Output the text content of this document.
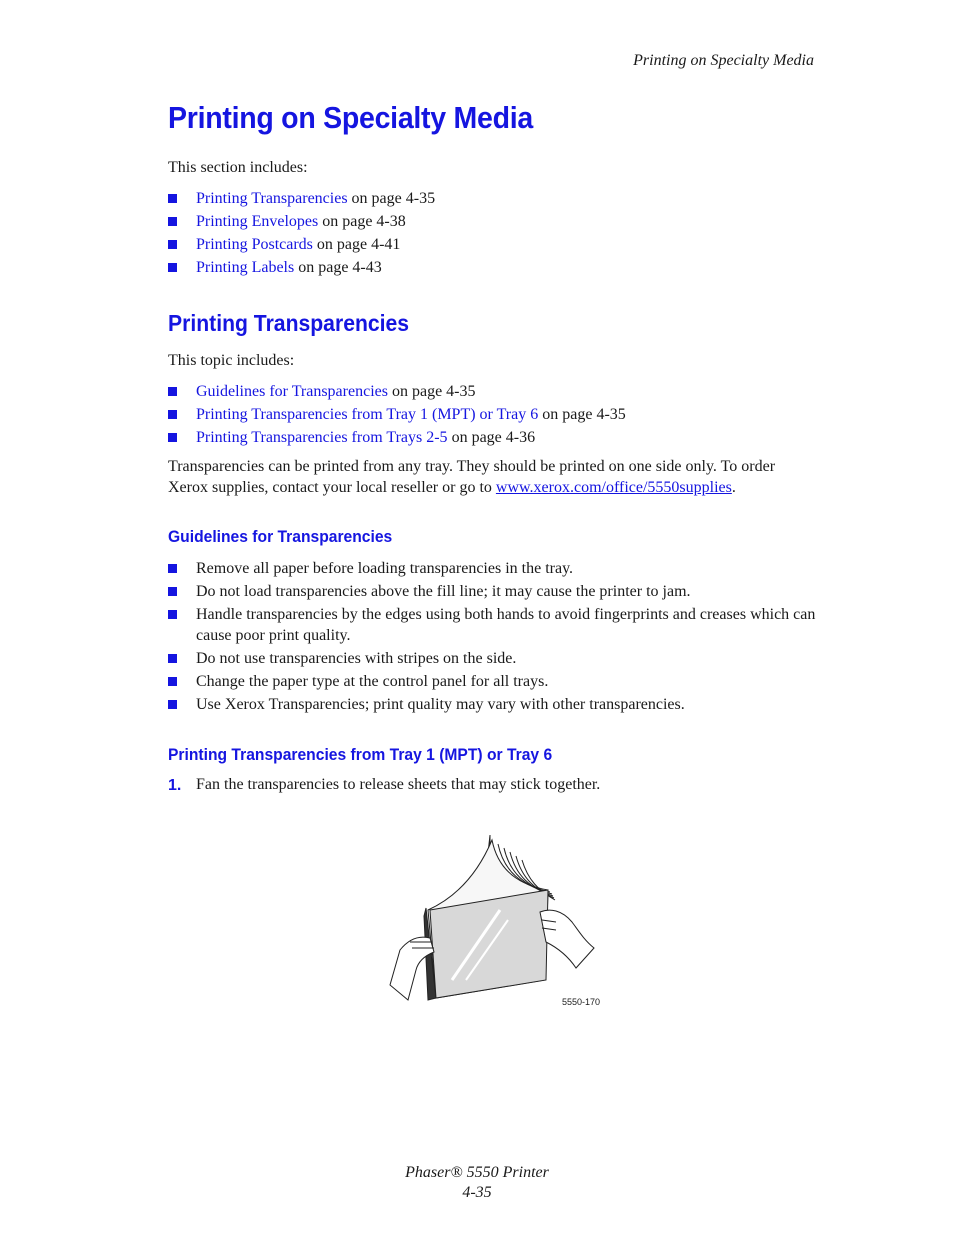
Printing on Specialty Media
Printing on Specialty Media
This section includes:
Printing Transparencies on page 4-35
Printing Envelopes on page 4-38
Printing Postcards on page 4-41
Printing Labels on page 4-43
Printing Transparencies
This topic includes:
Guidelines for Transparencies on page 4-35
Printing Transparencies from Tray 1 (MPT) or Tray 6 on page 4-35
Printing Transparencies from Trays 2-5 on page 4-36
Transparencies can be printed from any tray. They should be printed on one side only. To order Xerox supplies, contact your local reseller or go to www.xerox.com/office/5550supplies.
Guidelines for Transparencies
Remove all paper before loading transparencies in the tray.
Do not load transparencies above the fill line; it may cause the printer to jam.
Handle transparencies by the edges using both hands to avoid fingerprints and creases which can cause poor print quality.
Do not use transparencies with stripes on the side.
Change the paper type at the control panel for all trays.
Use Xerox Transparencies; print quality may vary with other transparencies.
Printing Transparencies from Tray 1 (MPT) or Tray 6
1. Fan the transparencies to release sheets that may stick together.
5550-170
Phaser® 5550 Printer
4-35
